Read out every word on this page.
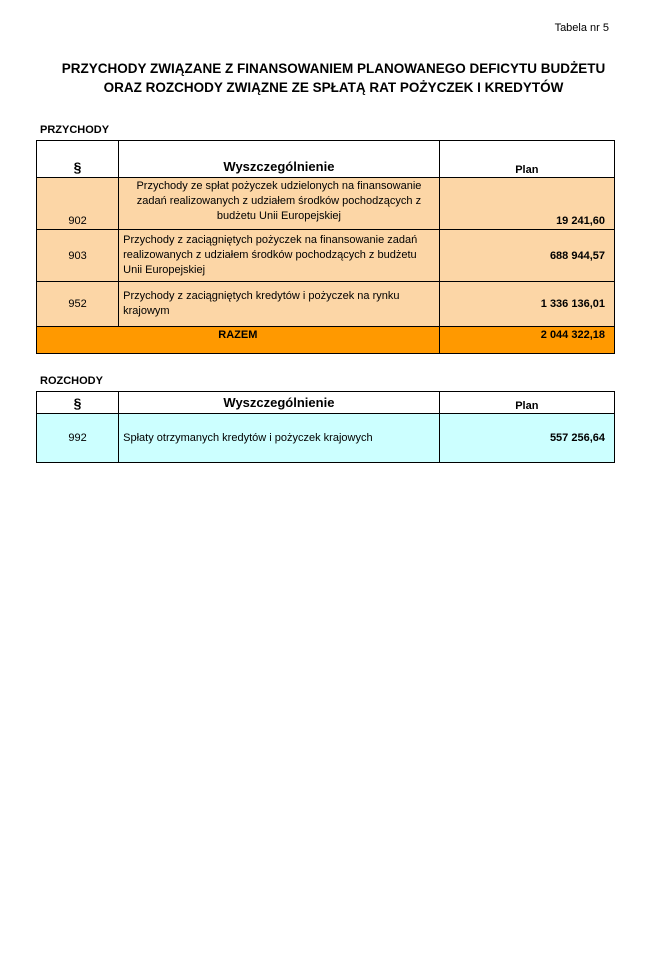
Tabela nr 5
PRZYCHODY ZWIĄZANE Z FINANSOWANIEM PLANOWANEGO DEFICYTU BUDŻETU
ORAZ ROZCHODY ZWIĄZNE ZE SPŁATĄ RAT POŻYCZEK I KREDYTÓW
PRZYCHODY
§	Wyszczególnienie	Plan
902	Przychody ze spłat pożyczek udzielonych na finansowanie zadań realizowanych z udziałem środków pochodzących z budżetu Unii Europejskiej	19 241,60
903	Przychody z zaciągniętych pożyczek na finansowanie zadań realizowanych z udziałem środków pochodzących z budżetu Unii Europejskiej	688 944,57
952	Przychody z zaciągniętych kredytów i pożyczek na rynku krajowym	1 336 136,01
RAZEM		2 044 322,18
ROZCHODY
§	Wyszczególnienie	Plan
992	Spłaty otrzymanych kredytów i pożyczek krajowych	557 256,64
